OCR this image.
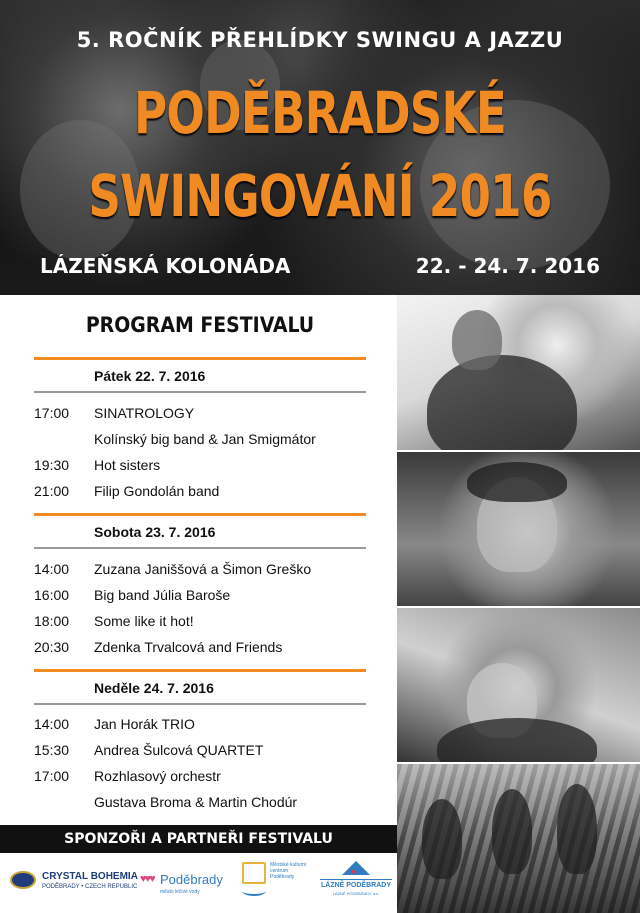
5. ROČNÍK PŘEHLÍDKY SWINGU A JAZZU
PODĚBRADSKÉ
SWINGOVÁNÍ 2016
LÁZEŇSKÁ KOLONÁDA	22. - 24. 7. 2016
PROGRAM FESTIVALU
Pátek 22. 7. 2016
17:00 SINATROLOGY
Kolínský big band & Jan Smigmátor
19:30 Hot sisters
21:00 Filip Gondolán band
Sobota 23. 7. 2016
14:00 Zuzana Janiššová a Šimon Greško
16:00 Big band Júlia Baroše
18:00 Some like it hot!
20:30 Zdenka Trvalcová and Friends
Neděle 24. 7. 2016
14:00 Jan Horák TRIO
15:30 Andrea Šulcová QUARTET
17:00 Rozhlasový orchestr
Gustava Broma & Martin Chodúr
SPONZOŘI A PARTNEŘI FESTIVALU
CRYSTAL BOHEMIA
PODĚBRADY • CZECH REPUBLIC
♥♥♥ Poděbrady
město léčivé vody
Městské kulturní centrum Poděbrady	♥
LÁZNĚ PODĚBRADY
LÁZNĚ PODĚBRADY a.s.
